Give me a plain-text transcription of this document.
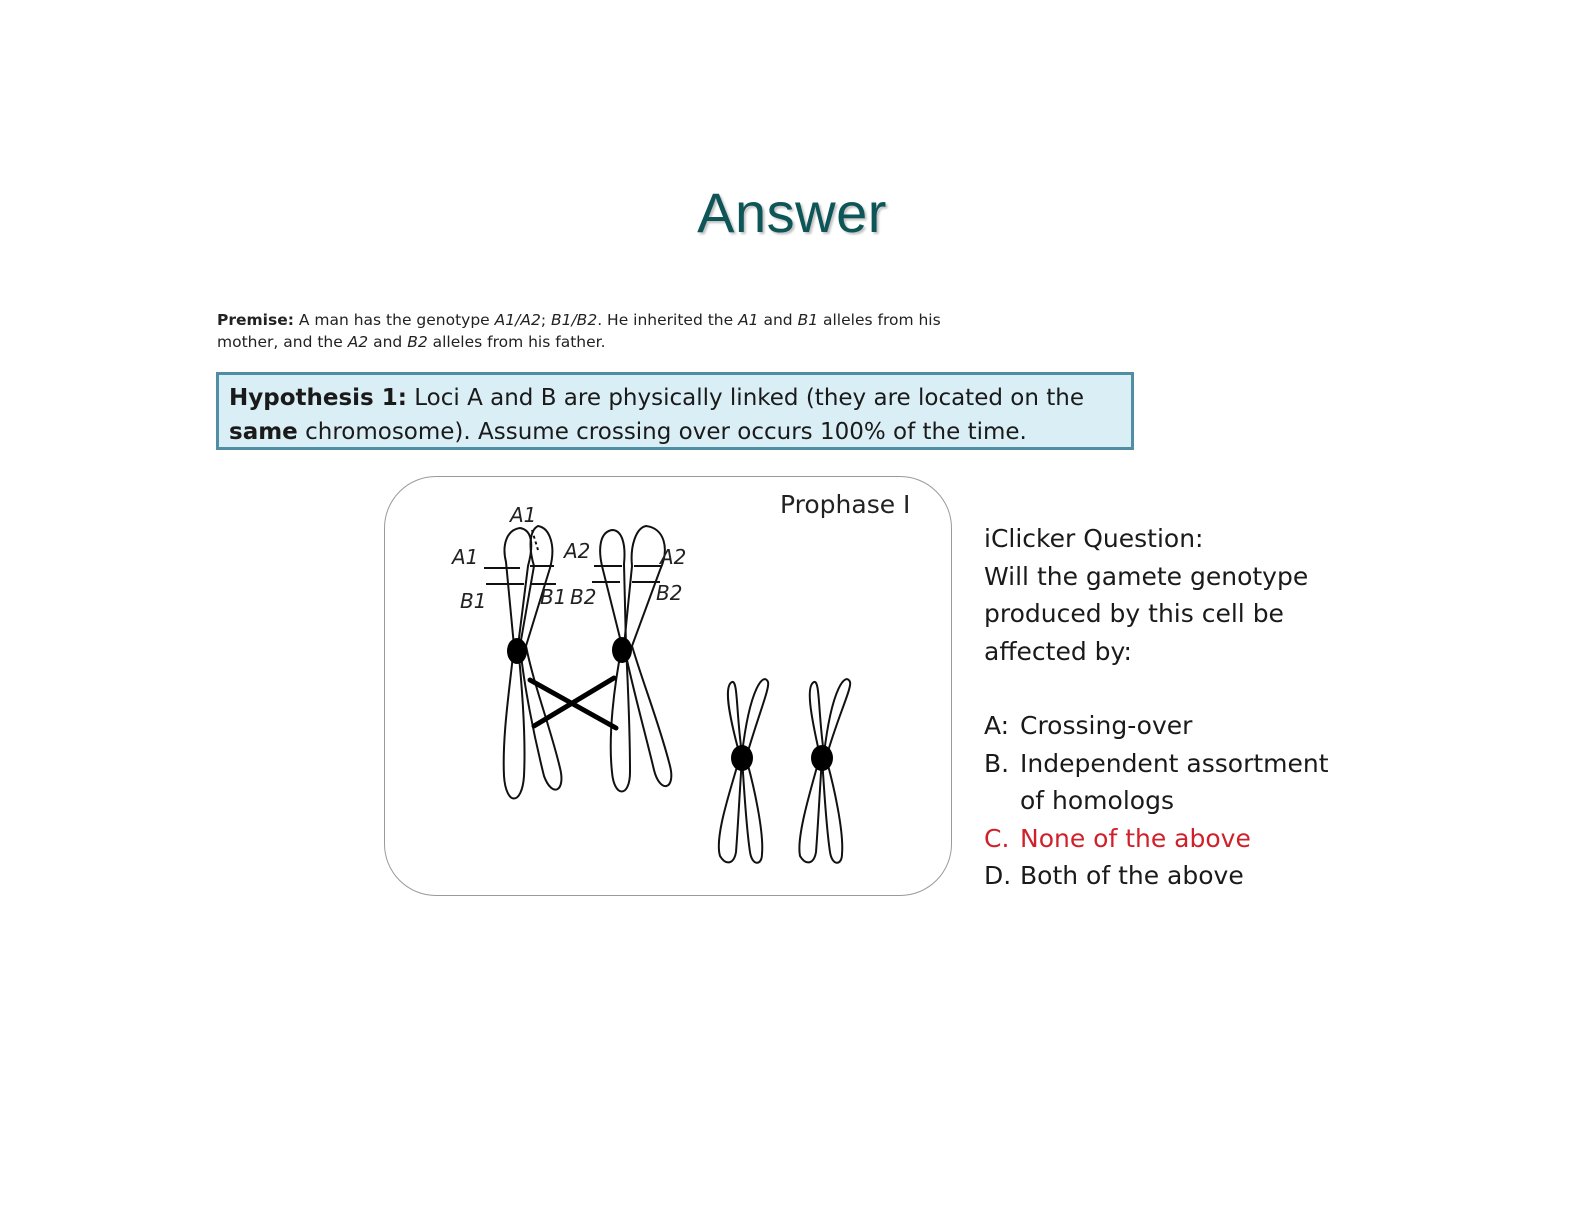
Answer
Premise: A man has the genotype A1/A2; B1/B2. He inherited the A1 and B1 alleles from his mother, and the A2 and B2 alleles from his father.
Hypothesis 1: Loci A and B are physically linked (they are located on the same chromosome). Assume crossing over occurs 100% of the time.
A1
A1
B1	B1
A2
B2
A2
B2
Prophase I
iClicker Question:
Will the gamete genotype
produced by this cell be
affected by:
A: Crossing-over
B. Independent assortment
of homologs
C. None of the above
D. Both of the above
